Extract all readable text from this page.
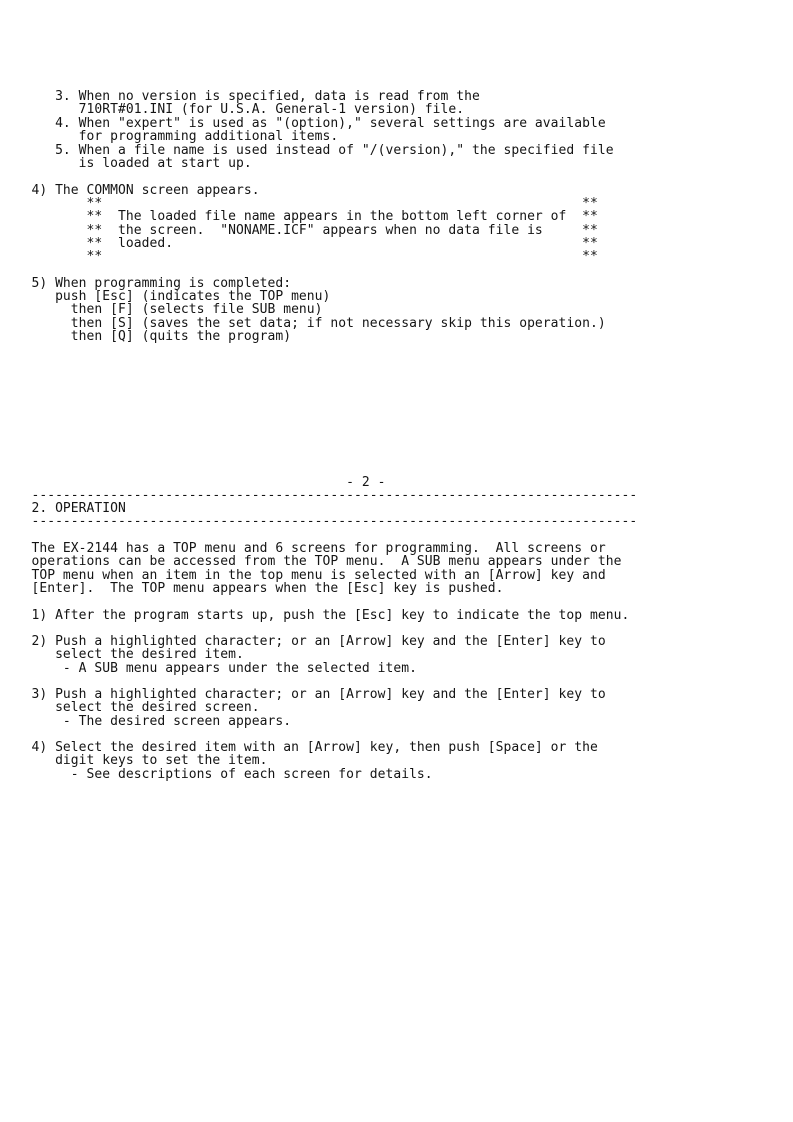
3. When no version is specified, data is read from the
710RT#01.INI (for U.S.A. General-1 version) file.
4. When "expert" is used as "(option)," several settings are available
for programming additional items.
5. When a file name is used instead of "/(version)," the specified file
is loaded at start up.
4) The COMMON screen appears.
**                                                             **
**  The loaded file name appears in the bottom left corner of  **
**  the screen.  "NONAME.ICF" appears when no data file is     **
**  loaded.                                                    **
**                                                             **
5) When programming is completed:
push [Esc] (indicates the TOP menu)
then [F] (selects file SUB menu)
then [S] (saves the set data; if not necessary skip this operation.)
then [Q] (quits the program)
- 2 -
-----------------------------------------------------------------------------
2. OPERATION
-----------------------------------------------------------------------------
The EX-2144 has a TOP menu and 6 screens for programming.  All screens or
operations can be accessed from the TOP menu.  A SUB menu appears under the
TOP menu when an item in the top menu is selected with an [Arrow] key and
[Enter].  The TOP menu appears when the [Esc] key is pushed.
1) After the program starts up, push the [Esc] key to indicate the top menu.
2) Push a highlighted character; or an [Arrow] key and the [Enter] key to
select the desired item.
- A SUB menu appears under the selected item.
3) Push a highlighted character; or an [Arrow] key and the [Enter] key to
select the desired screen.
- The desired screen appears.
4) Select the desired item with an [Arrow] key, then push [Space] or the
digit keys to set the item.
- See descriptions of each screen for details.
